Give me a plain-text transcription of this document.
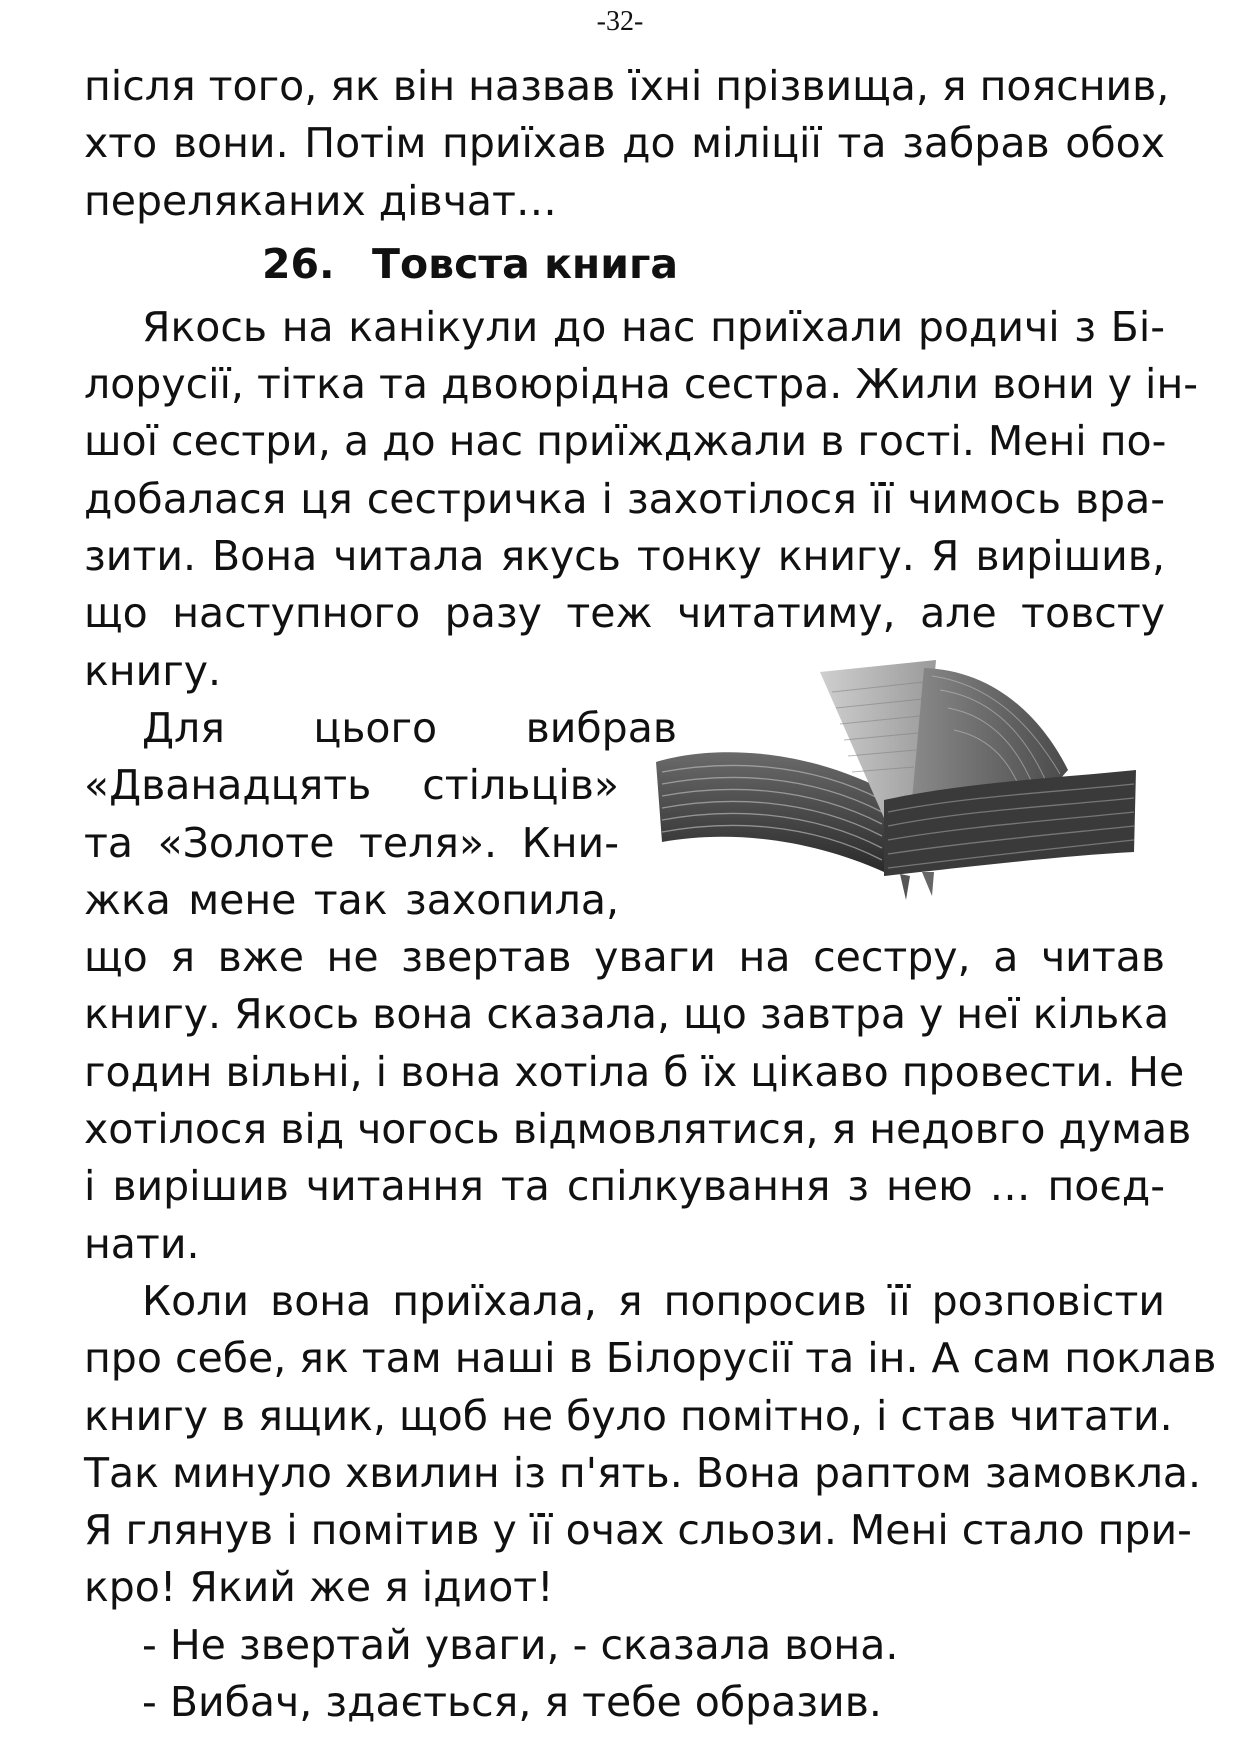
-32-
після того, як він назвав їхні прізвища, я пояснив,
хто вони. Потім приїхав до міліції та забрав обох
переляканих дівчат…
26. Товста книга
Якось на канікули до нас приїхали родичі з Бі-
лорусії, тітка та двоюрідна сестра. Жили вони у ін-
шої сестри, а до нас приїжджали в гості. Мені по-
добалася ця сестричка і захотілося її чимось вра-
зити. Вона читала якусь тонку книгу. Я вирішив,
що наступного разу теж читатиму, але товсту
книгу.
Для цього вибрав
«Дванадцять стільців»
та «Золоте теля». Кни-
жка мене так захопила,
що я вже не звертав уваги на сестру, а читав
книгу. Якось вона сказала, що завтра у неї кілька
годин вільні, і вона хотіла б їх цікаво провести. Не
хотілося від чогось відмовлятися, я недовго думав
і вирішив читання та спілкування з нею … поєд-
нати.
Коли вона приїхала, я попросив її розповісти
про себе, як там наші в Білорусії та ін. А сам поклав
книгу в ящик, щоб не було помітно, і став читати.
Так минуло хвилин із п'ять. Вона раптом замовкла.
Я глянув і помітив у її очах сльози. Мені стало при-
кро! Який же я ідиот!
- Не звертай уваги, - сказала вона.
- Вибач, здається, я тебе образив.
